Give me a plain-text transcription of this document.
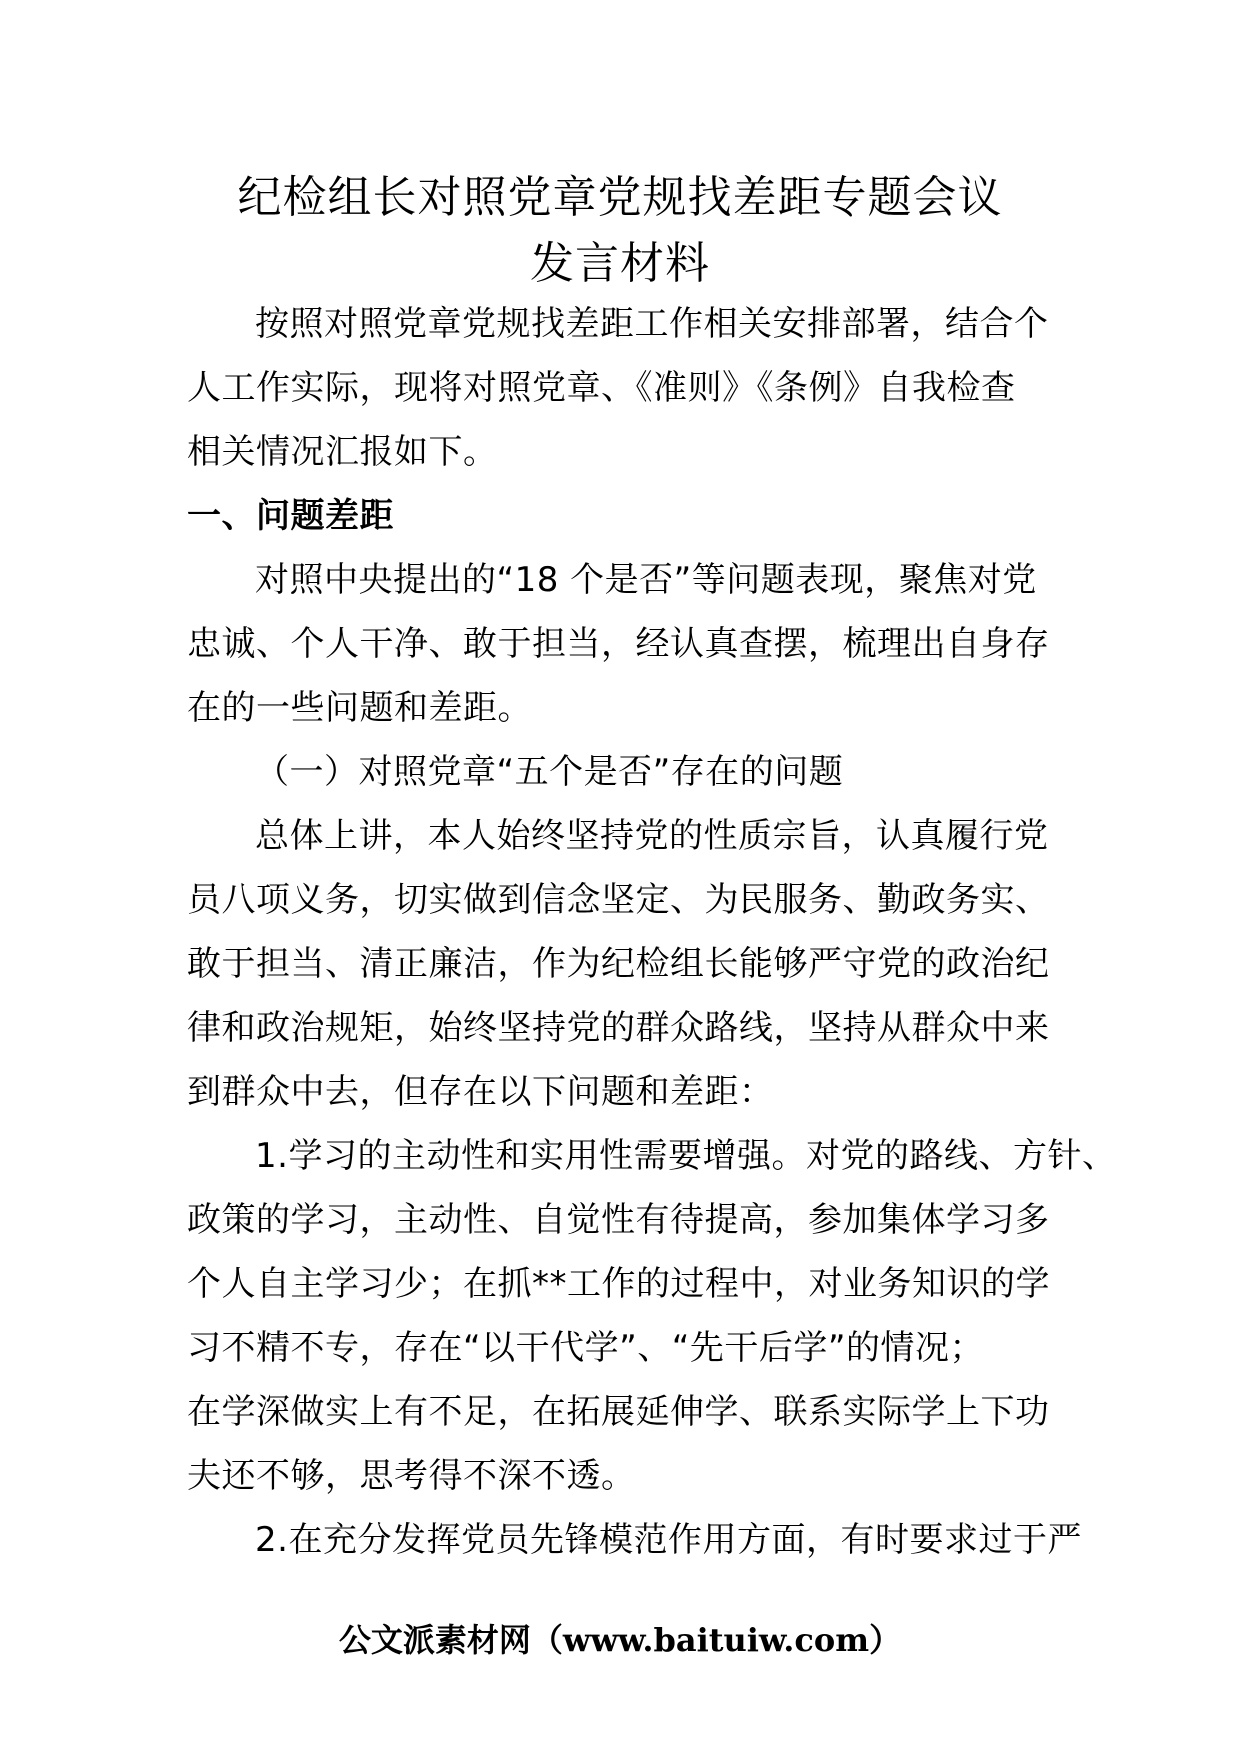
纪检组长对照党章党规找差距专题会议
发言材料
按照对照党章党规找差距工作相关安排部署，结合个
人工作实际，现将对照党章、《准则》《条例》自我检查
相关情况汇报如下。
一、问题差距
对照中央提出的“18 个是否”等问题表现，聚焦对党
忠诚、个人干净、敢于担当，经认真查摆，梳理出自身存
在的一些问题和差距。
（一）对照党章“五个是否”存在的问题
总体上讲，本人始终坚持党的性质宗旨，认真履行党
员八项义务，切实做到信念坚定、为民服务、勤政务实、
敢于担当、清正廉洁，作为纪检组长能够严守党的政治纪
律和政治规矩，始终坚持党的群众路线，坚持从群众中来
到群众中去，但存在以下问题和差距：
1.学习的主动性和实用性需要增强。对党的路线、方针、
政策的学习，主动性、自觉性有待提高，参加集体学习多
个人自主学习少；在抓**工作的过程中，对业务知识的学
习不精不专，存在“以干代学”、“先干后学”的情况；
在学深做实上有不足，在拓展延伸学、联系实际学上下功
夫还不够，思考得不深不透。
2.在充分发挥党员先锋模范作用方面，有时要求过于严
公文派素材网（www.baituiw.com）
